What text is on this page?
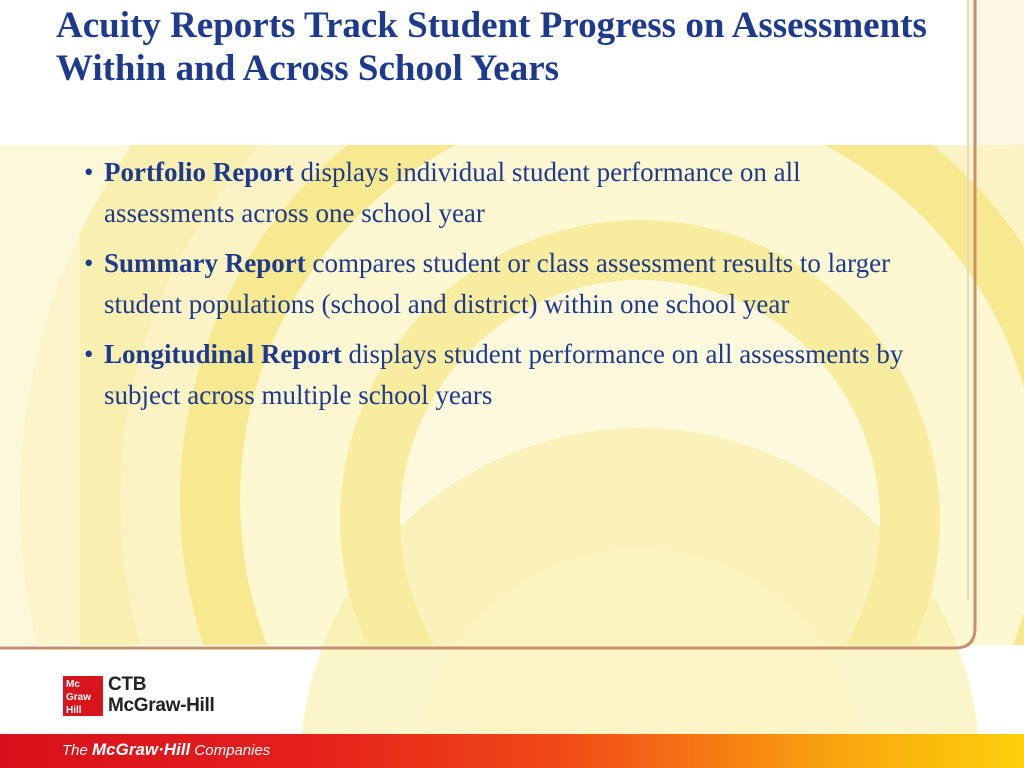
Acuity Reports Track Student Progress on Assessments Within and Across School Years
• Portfolio Report displays individual student performance on all assessments across one school year
• Summary Report compares student or class assessment results to larger student populations (school and district) within one school year
• Longitudinal Report displays student performance on all assessments by subject across multiple school years
Mc
Graw
Hill
CTB
McGraw-Hill
The McGraw·Hill Companies
